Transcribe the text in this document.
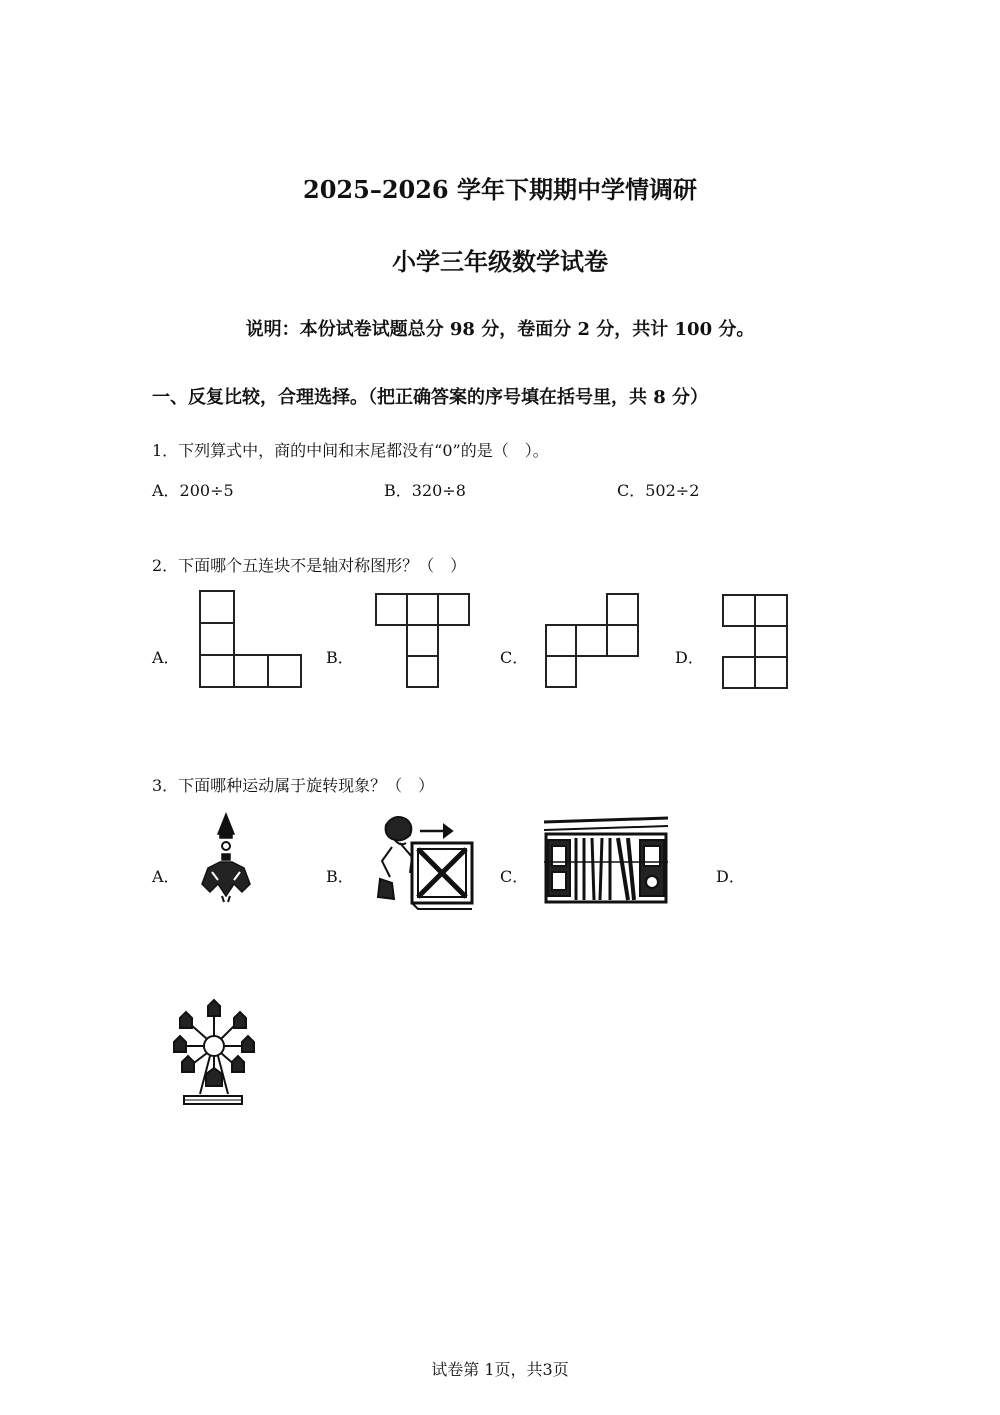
2025–2026 学年下期期中学情调研
小学三年级数学试卷
说明：本份试卷试题总分 98 分，卷面分 2 分，共计 100 分。
一、反复比较，合理选择。（把正确答案的序号填在括号里，共 8 分）
1．下列算式中，商的中间和末尾都没有“0”的是（　）。
A．200÷5	B．320÷8	C．502÷2
2．下面哪个五连块不是轴对称图形？（　）
A．	B．	C．	D．
3．下面哪种运动属于旋转现象？（　）
A．	B．	C．	D．
试卷第 1页，共3页
